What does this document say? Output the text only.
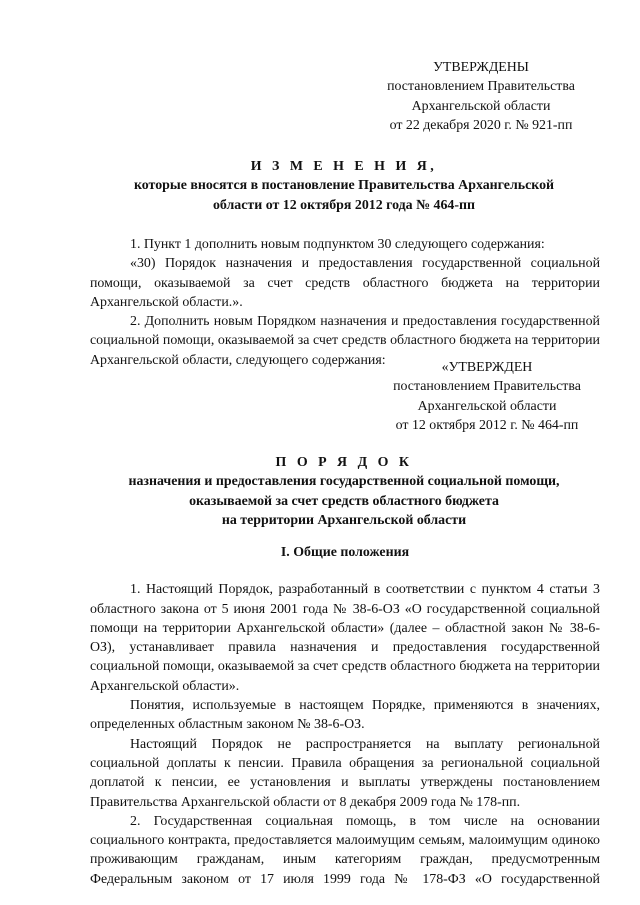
УТВЕРЖДЕНЫ
постановлением Правительства
Архангельской области
от 22 декабря 2020 г. № 921-пп
И З М Е Н Е Н И Я,
которые вносятся в постановление Правительства Архангельской
области от 12 октября 2012 года № 464-пп

1. Пункт 1 дополнить новым подпунктом 30 следующего содержания:

«30) Порядок назначения и предоставления государственной социальной помощи, оказываемой за счет средств областного бюджета на территории Архангельской области.».

2. Дополнить новым Порядком назначения и предоставления государственной социальной помощи, оказываемой за счет средств областного бюджета на территории Архангельской области, следующего содержания:	«УТВЕРЖДЕН
постановлением Правительства
Архангельской области
от 12 октября 2012 г. № 464-пп
П О Р Я Д О К
назначения и предоставления государственной социальной помощи,
оказываемой за счет средств областного бюджета
на территории Архангельской области

I. Общие положения

1. Настоящий Порядок, разработанный в соответствии с пунктом 4 статьи 3 областного закона от 5 июня 2001 года № 38-6-ОЗ «О государственной социальной помощи на территории Архангельской области» (далее – областной закон № 38-6-ОЗ), устанавливает правила назначения и предоставления государственной социальной помощи, оказываемой за счет средств областного бюджета на территории Архангельской области».

Понятия, используемые в настоящем Порядке, применяются в значениях, определенных областным законом № 38-6-ОЗ.

Настоящий Порядок не распространяется на выплату региональной социальной доплаты к пенсии. Правила обращения за региональной социальной доплатой к пенсии, ее установления и выплаты утверждены постановлением Правительства Архангельской области от 8 декабря 2009 года № 178-пп.

2. Государственная социальная помощь, в том числе на основании социального контракта, предоставляется малоимущим семьям, малоимущим одиноко проживающим гражданам, иным категориям граждан, предусмотренным Федеральным законом от 17 июля 1999 года № 178-ФЗ «О государственной
